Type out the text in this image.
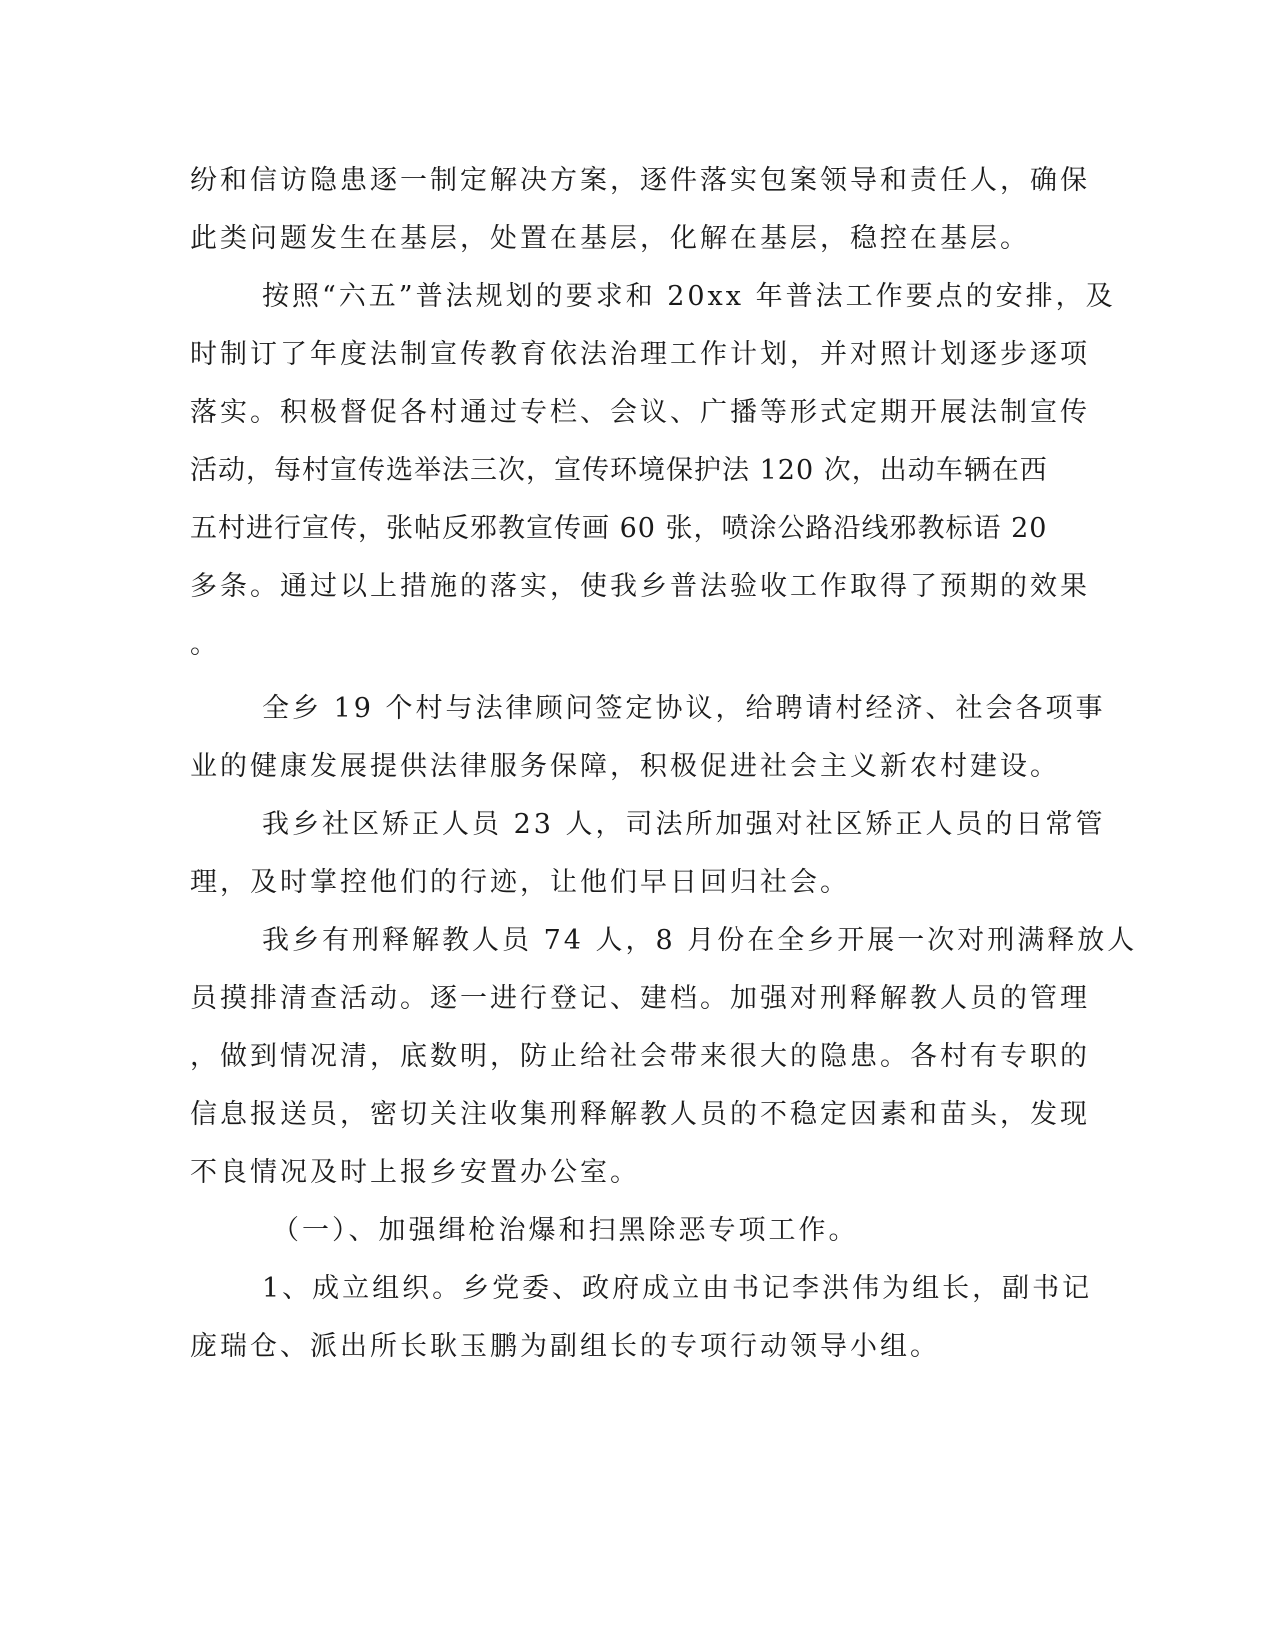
纷和信访隐患逐一制定解决方案，逐件落实包案领导和责任人，确保
此类问题发生在基层，处置在基层，化解在基层，稳控在基层。
按照“六五”普法规划的要求和 20xx 年普法工作要点的安排，及
时制订了年度法制宣传教育依法治理工作计划，并对照计划逐步逐项
落实。积极督促各村通过专栏、会议、广播等形式定期开展法制宣传
活动，每村宣传选举法三次，宣传环境保护法 120 次，出动车辆在西
五村进行宣传，张帖反邪教宣传画 60 张，喷涂公路沿线邪教标语 20
多条。通过以上措施的落实，使我乡普法验收工作取得了预期的效果
。
全乡 19 个村与法律顾问签定协议，给聘请村经济、社会各项事
业的健康发展提供法律服务保障，积极促进社会主义新农村建设。
我乡社区矫正人员 23 人，司法所加强对社区矫正人员的日常管
理，及时掌控他们的行迹，让他们早日回归社会。
我乡有刑释解教人员 74 人，8 月份在全乡开展一次对刑满释放人
员摸排清查活动。逐一进行登记、建档。加强对刑释解教人员的管理
，做到情况清，底数明，防止给社会带来很大的隐患。各村有专职的
信息报送员，密切关注收集刑释解教人员的不稳定因素和苗头，发现
不良情况及时上报乡安置办公室。
（一）、加强缉枪治爆和扫黑除恶专项工作。
1、成立组织。乡党委、政府成立由书记李洪伟为组长，副书记
庞瑞仓、派出所长耿玉鹏为副组长的专项行动领导小组。
